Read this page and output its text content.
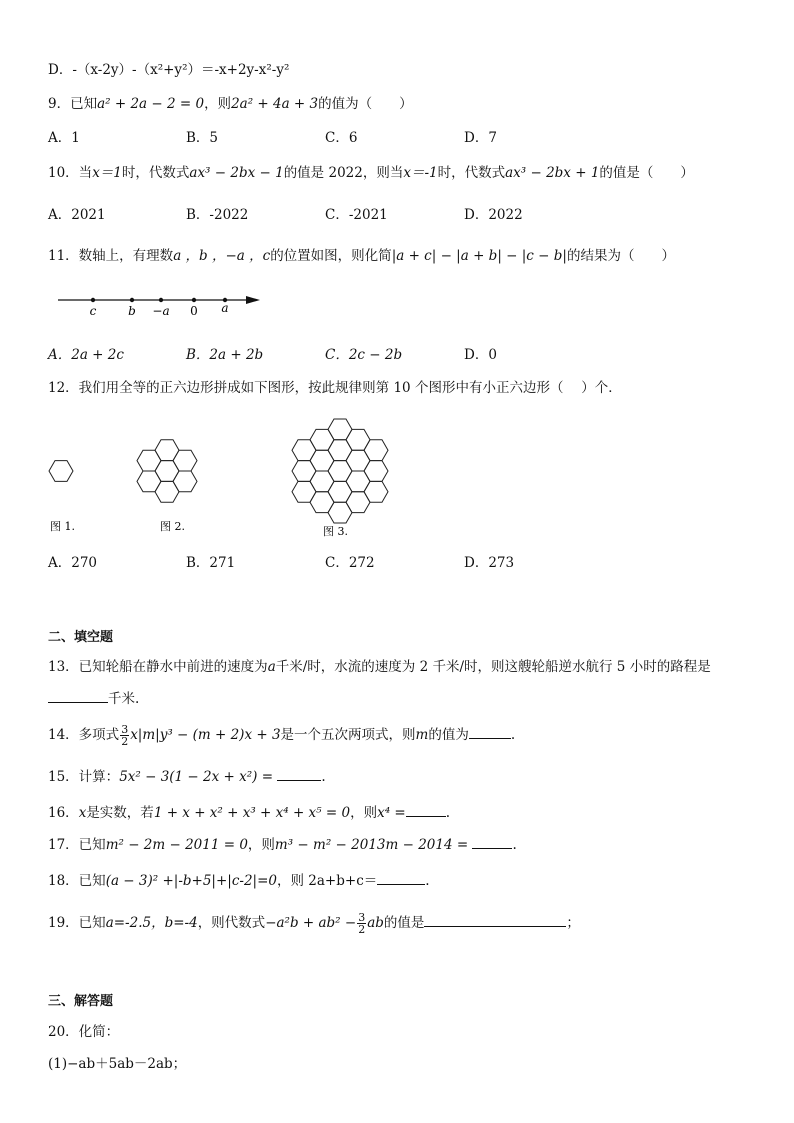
D．-（x-2y）-（x²+y²）＝-x+2y-x²-y²
9．已知a² + 2a − 2 = 0，则2a² + 4a + 3的值为（　　）
A．1	B．5	C．6	D．7
10．当x＝1时，代数式ax³ − 2bx − 1的值是 2022，则当x＝-1时，代数式ax³ − 2bx + 1的值是（　　）
A．2021	B．-2022	C．-2021	D．2022
11．数轴上，有理数a ，b ，−a ，c的位置如图，则化简|a + c| − |a + b| − |c − b|的结果为（　　）
c	b −a 0 a
A．2a + 2c	B．2a + 2b	C．2c − 2b	D．0
12．我们用全等的正六边形拼成如下图形，按此规律则第 10 个图形中有小正六边形（　 ）个．
图 1.	图 2.	图 3.
A．270	B．271	C．272	D．273
二、填空题
13．已知轮船在静水中前进的速度为a千米/时，水流的速度为 2 千米/时，则这艘轮船逆水航行 5 小时的路程是
千米.
14．多项式 $\frac{3}{2} x|m|y^3 - (m + 2)x + 3$是一个五次两项式，则m的值为	.
15．计算：5x² − 3(1 − 2x + x²) =	.
16．x是实数，若1 + x + x² + x³ + x⁴ + x⁵ = 0，则x⁴ =	.
17．已知m² − 2m − 2011 = 0，则m³ − m² − 2013m − 2014 =	.
18．已知(a − 3)² +|-b+5|+|c-2|=0，则 2a+b+c＝	.
19．已知a=-2.5，b=-4，则代数式$-a^2b + ab^2 - \frac{3}{2}$ ab的值是	；
三、解答题
20．化简：
(1)−ab＋5ab－2ab；
